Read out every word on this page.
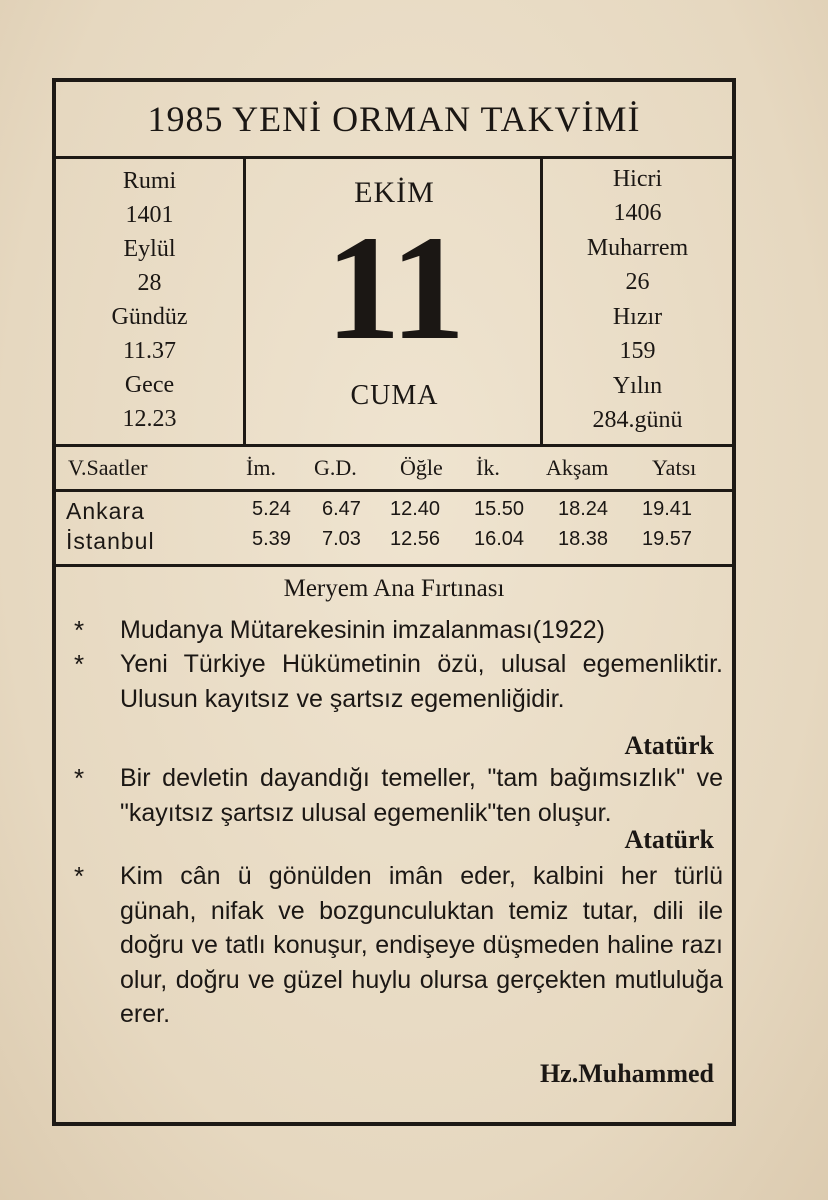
1985 YENİ ORMAN TAKVİMİ
Rumi
1401
Eylül
28
Gündüz
11.37
Gece
12.23
EKİM
11
CUMA
Hicri
1406
Muharrem
26
Hızır
159
Yılın
284.günü
V.Saatler	İm. G.D. Öğle İk. Akşam Yatsı
Ankara	5.24 6.47 12.40 15.50 18.24 19.41
İstanbul	5.39 7.03 12.56 16.04 18.38 19.57
Meryem Ana Fırtınası
* Mudanya Mütarekesinin imzalanması(1922)
* Yeni Türkiye Hükümetinin özü, ulusal egemenliktir. Ulusun kayıtsız ve şartsız egemenliğidir.
Atatürk
* Bir devletin dayandığı temeller, "tam bağımsızlık" ve "kayıtsız şartsız ulusal egemenlik"ten oluşur.
Atatürk
* Kim cân ü gönülden imân eder, kalbini her türlü günah, nifak ve bozgunculuktan temiz tutar, dili ile doğru ve tatlı konuşur, endişeye düşmeden haline razı olur, doğru ve güzel huylu olursa gerçekten mutluluğa erer.
Hz.Muhammed
